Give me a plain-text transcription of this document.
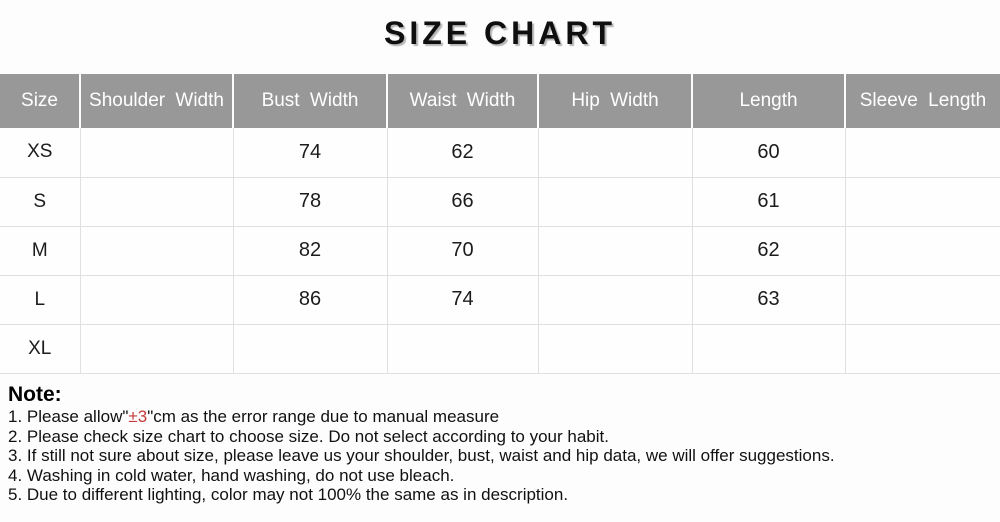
SIZE CHART
Size	Shoulder Width	Bust Width	Waist Width	Hip Width	Length	Sleeve Length
XS		74	62		60	
S		78	66		61	
M		82	70		62	
L		86	74		63	
XL						
Note:
1. Please allow"±3"cm as the error range due to manual measure
2. Please check size chart to choose size. Do not select according to your habit.
3. If still not sure about size, please leave us your shoulder, bust, waist and hip data, we will offer suggestions.
4. Washing in cold water, hand washing, do not use bleach.
5. Due to different lighting, color may not 100% the same as in description.
